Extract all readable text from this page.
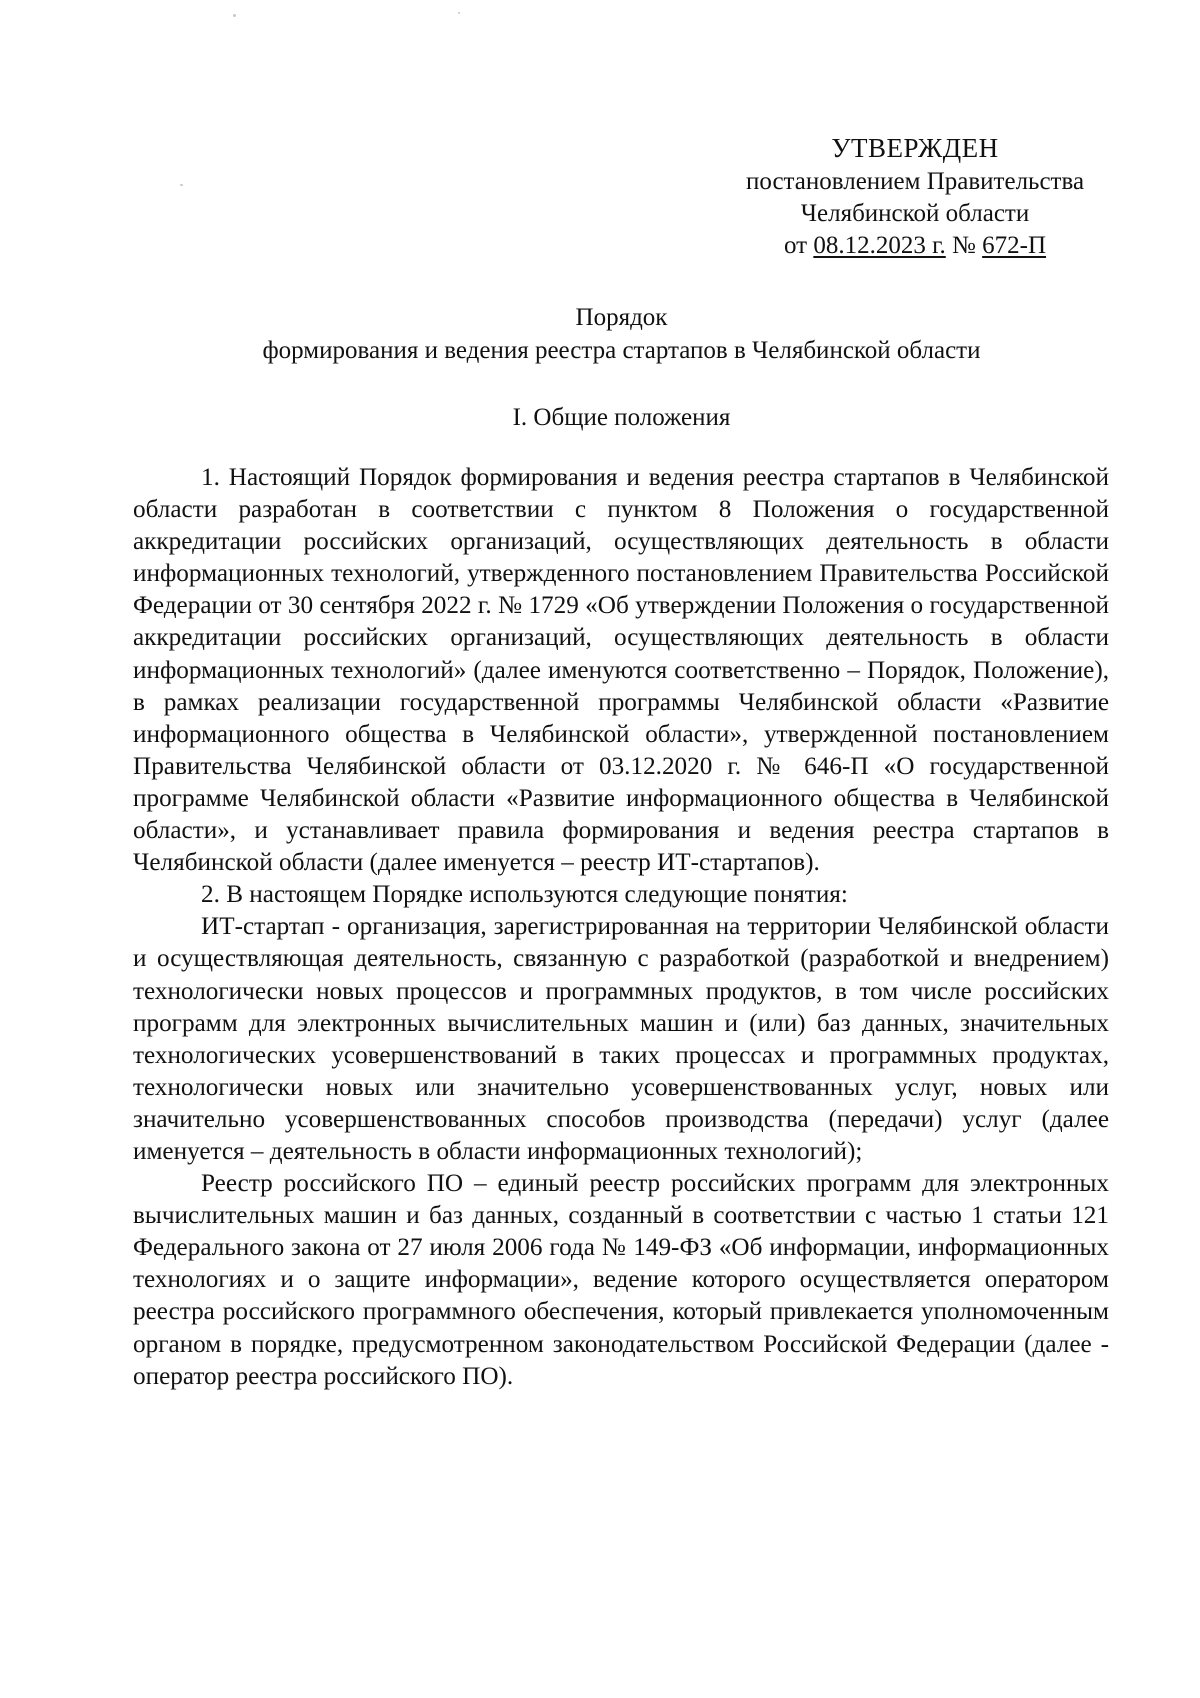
УТВЕРЖДЕН
постановлением Правительства
Челябинской области
от 08.12.2023 г. № 672-П
Порядок
формирования и ведения реестра стартапов в Челябинской области
I. Общие положения

1. Настоящий Порядок формирования и ведения реестра стартапов в Челябинской области разработан в соответствии с пунктом 8 Положения о государственной аккредитации российских организаций, осуществляющих деятельность в области информационных технологий, утвержденного постановлением Правительства Российской Федерации от 30 сентября 2022 г. № 1729 «Об утверждении Положения о государственной аккредитации российских организаций, осуществляющих деятельность в области информационных технологий» (далее именуются соответственно – Порядок, Положение), в рамках реализации государственной программы Челябинской области «Развитие информационного общества в Челябинской области», утвержденной постановлением Правительства Челябинской области от 03.12.2020 г. № 646-П «О государственной программе Челябинской области «Развитие информационного общества в Челябинской области», и устанавливает правила формирования и ведения реестра стартапов в Челябинской области (далее именуется – реестр ИТ-стартапов).

2. В настоящем Порядке используются следующие понятия:

ИТ-стартап - организация, зарегистрированная на территории Челябинской области и осуществляющая деятельность, связанную с разработкой (разработкой и внедрением) технологически новых процессов и программных продуктов, в том числе российских программ для электронных вычислительных машин и (или) баз данных, значительных технологических усовершенствований в таких процессах и программных продуктах, технологически новых или значительно усовершенствованных услуг, новых или значительно усовершенствованных способов производства (передачи) услуг (далее именуется – деятельность в области информационных технологий);

Реестр российского ПО – единый реестр российских программ для электронных вычислительных машин и баз данных, созданный в соответствии с частью 1 статьи 121 Федерального закона от 27 июля 2006 года № 149-ФЗ «Об информации, информационных технологиях и о защите информации», ведение которого осуществляется оператором реестра российского программного обеспечения, который привлекается уполномоченным органом в порядке, предусмотренном законодательством Российской Федерации (далее - оператор реестра российского ПО).
